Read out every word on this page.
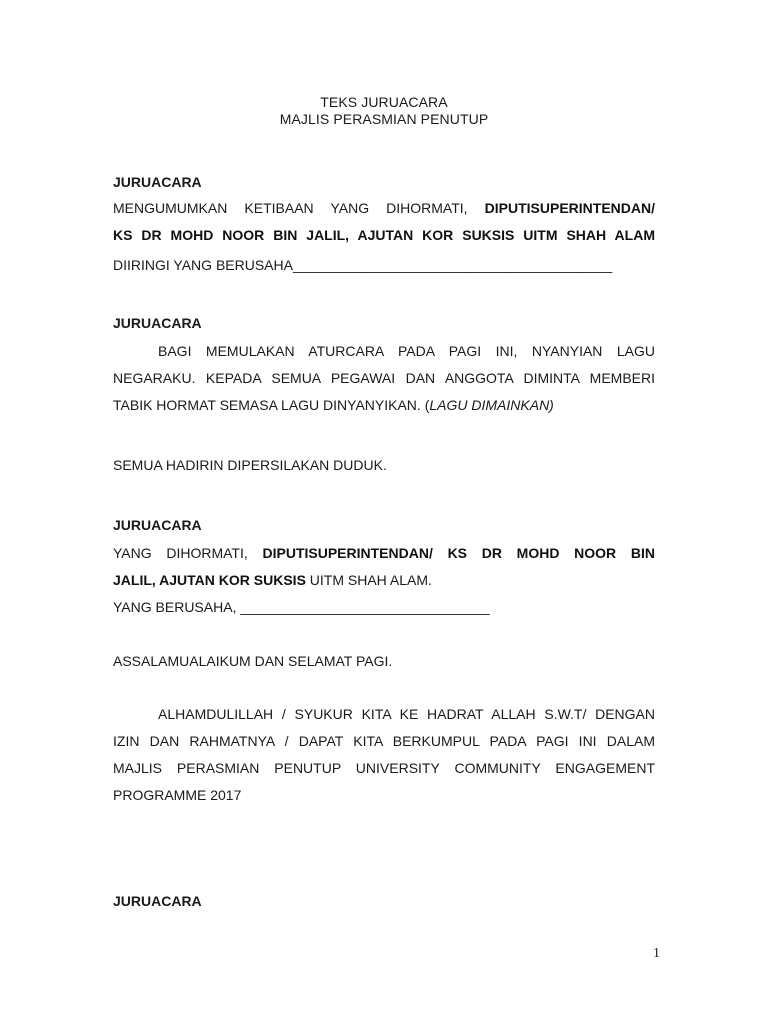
TEKS JURUACARA
MAJLIS PERASMIAN PENUTUP
JURUACARA
MENGUMUMKAN KETIBAAN YANG DIHORMATI, DIPUTISUPERINTENDAN/
KS DR MOHD NOOR BIN JALIL, AJUTAN KOR SUKSIS UITM SHAH ALAM
DIIRINGI YANG BERUSAHA_________________________________________
JURUACARA
BAGI MEMULAKAN ATURCARA PADA PAGI INI, NYANYIAN LAGU
NEGARAKU. KEPADA SEMUA PEGAWAI DAN ANGGOTA DIMINTA MEMBERI
TABIK HORMAT SEMASA LAGU DINYANYIKAN. (LAGU DIMAINKAN)
SEMUA HADIRIN DIPERSILAKAN DUDUK.
JURUACARA
YANG DIHORMATI, DIPUTISUPERINTENDAN/ KS DR MOHD NOOR BIN
JALIL, AJUTAN KOR SUKSIS UITM SHAH ALAM.
YANG BERUSAHA, ________________________________
ASSALAMUALAIKUM DAN SELAMAT PAGI.
ALHAMDULILLAH / SYUKUR KITA KE HADRAT ALLAH S.W.T/ DENGAN
IZIN DAN RAHMATNYA / DAPAT KITA BERKUMPUL PADA PAGI INI DALAM
MAJLIS PERASMIAN PENUTUP UNIVERSITY COMMUNITY ENGAGEMENT
PROGRAMME 2017
JURUACARA
1
